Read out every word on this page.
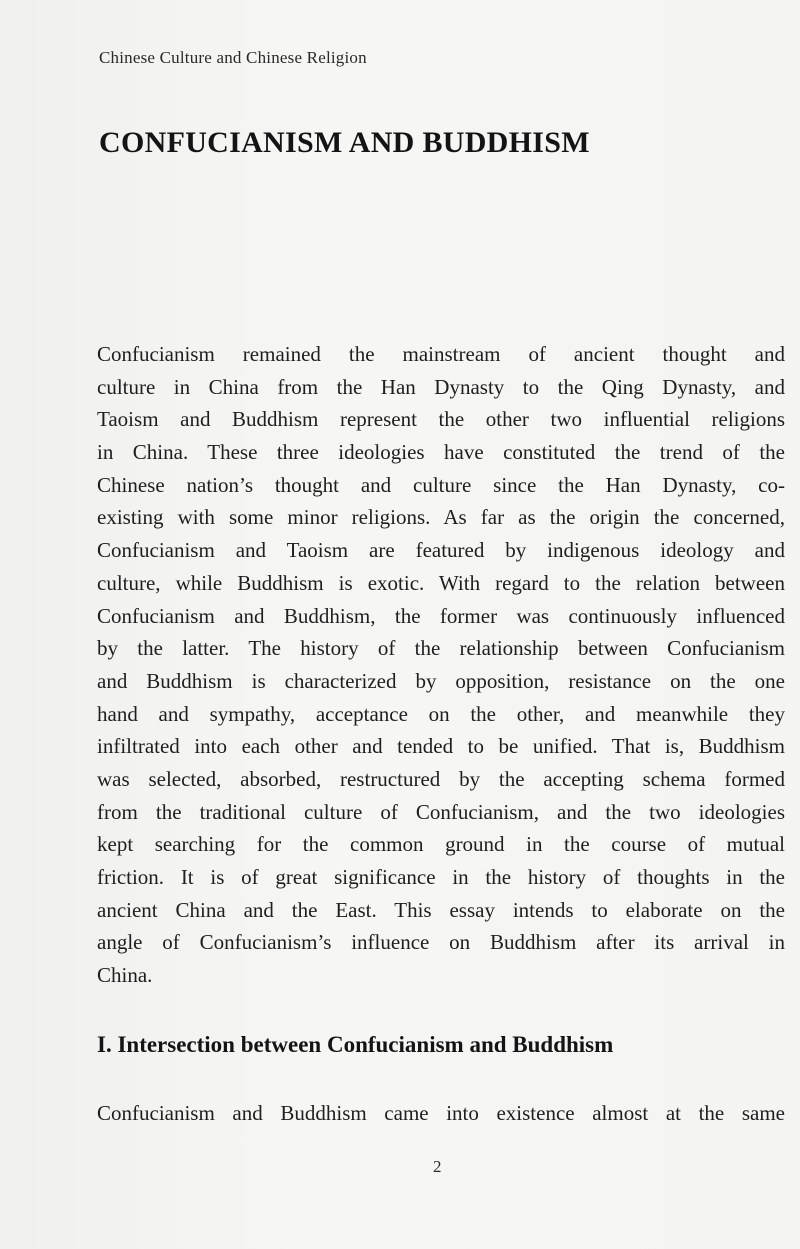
Chinese Culture and Chinese Religion
CONFUCIANISM AND BUDDHISM
Confucianism remained the mainstream of ancient thought and
culture in China from the Han Dynasty to the Qing Dynasty, and
Taoism and Buddhism represent the other two influential religions
in China. These three ideologies have constituted the trend of the
Chinese nation’s thought and culture since the Han Dynasty, co-
existing with some minor religions. As far as the origin the concerned,
Confucianism and Taoism are featured by indigenous ideology and
culture, while Buddhism is exotic. With regard to the relation between
Confucianism and Buddhism, the former was continuously influenced
by the latter. The history of the relationship between Confucianism
and Buddhism is characterized by opposition, resistance on the one
hand and sympathy, acceptance on the other, and meanwhile they
infiltrated into each other and tended to be unified. That is, Buddhism
was selected, absorbed, restructured by the accepting schema formed
from the traditional culture of Confucianism, and the two ideologies
kept searching for the common ground in the course of mutual
friction. It is of great significance in the history of thoughts in the
ancient China and the East. This essay intends to elaborate on the
angle of Confucianism’s influence on Buddhism after its arrival in
China.
I. Intersection between Confucianism and Buddhism
Confucianism and Buddhism came into existence almost at the same
2
